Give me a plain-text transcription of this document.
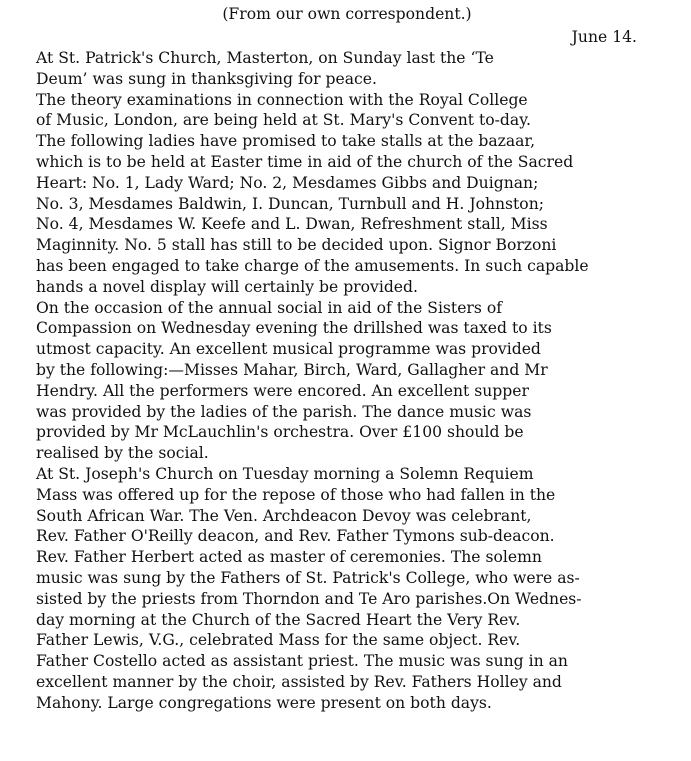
(From our own correspondent.)

June 14.

At St. Patrick's Church, Masterton, on Sunday last the ‘Te
Deum’ was sung in thanksgiving for peace.

The theory examinations in connection with the Royal College
of Music, London, are being held at St. Mary's Convent to-day.

The following ladies have promised to take stalls at the bazaar,
which is to be held at Easter time in aid of the church of the Sacred
Heart: No. 1, Lady Ward; No. 2, Mesdames Gibbs and Duignan;
No. 3, Mesdames Baldwin, I. Duncan, Turnbull and H. Johnston;
No. 4, Mesdames W. Keefe and L. Dwan, Refreshment stall, Miss
Maginnity. No. 5 stall has still to be decided upon. Signor Borzoni
has been engaged to take charge of the amusements. In such capable
hands a novel display will certainly be provided.

On the occasion of the annual social in aid of the Sisters of
Compassion on Wednesday evening the drillshed was taxed to its
utmost capacity. An excellent musical programme was provided
by the following:—Misses Mahar, Birch, Ward, Gallagher and Mr
Hendry. All the performers were encored. An excellent supper
was provided by the ladies of the parish. The dance music was
provided by Mr McLauchlin's orchestra. Over £100 should be
realised by the social.

At St. Joseph's Church on Tuesday morning a Solemn Requiem
Mass was offered up for the repose of those who had fallen in the
South African War. The Ven. Archdeacon Devoy was celebrant,
Rev. Father O'Reilly deacon, and Rev. Father Tymons sub-deacon.
Rev. Father Herbert acted as master of ceremonies. The solemn
music was sung by the Fathers of St. Patrick's College, who were as-
sisted by the priests from Thorndon and Te Aro parishes.On Wednes-
day morning at the Church of the Sacred Heart the Very Rev.
Father Lewis, V.G., celebrated Mass for the same object. Rev.
Father Costello acted as assistant priest. The music was sung in an
excellent manner by the choir, assisted by Rev. Fathers Holley and
Mahony. Large congregations were present on both days.
